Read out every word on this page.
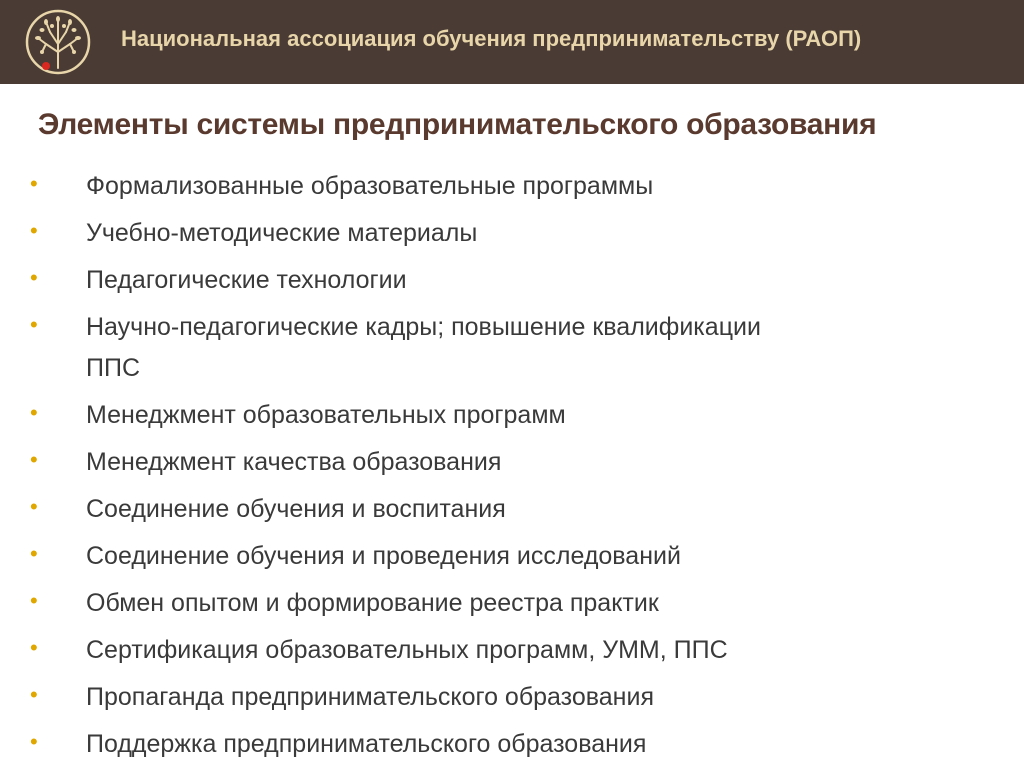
Национальная ассоциация обучения предпринимательству (РАОП)
Элементы системы предпринимательского образования
• Формализованные образовательные программы
• Учебно-методические материалы
• Педагогические технологии
• Научно-педагогические кадры; повышение квалификации
ППС
• Менеджмент образовательных программ
• Менеджмент качества образования
• Соединение обучения и воспитания
• Соединение обучения и проведения исследований
• Обмен опытом и формирование реестра практик
• Сертификация образовательных программ, УММ, ППС
• Пропаганда предпринимательского образования
• Поддержка предпринимательского образования
